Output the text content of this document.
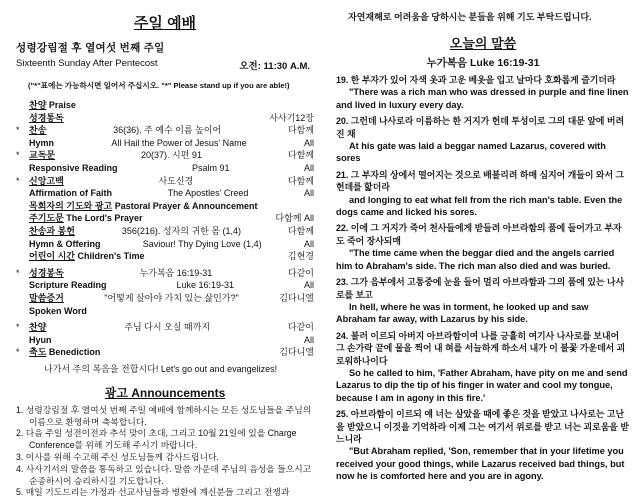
주일 예배
성령강림절 후 열여섯 번째 주일
Sixteenth Sunday After Pentecost	오전: 11:30 A.M.
("*"표에는 가능하시면 일어서 주십시오. "*" Please stand up if you are able!)
찬양 Praise
성경통독	사사기12장
*	찬송	36(36). 주 예수 이름 높이어	다함께
Hymn	All Hail the Power of Jesus' Name	All
*	교독문	20(37). 시편 91	다함께
Responsive Reading	Psalm 91	All
*	신앙고백	사도신경	다함께
Affirmation of Faith	The Apostles' Creed	All
목회자의 기도와 광고 Pastoral Prayer & Announcement
주기도문 The Lord's Prayer	다함께 All
찬송과 봉헌	356(216). 성자의 귀한 몸 (1,4)	다함께
Hymn & Offering	Saviour! Thy Dying Love (1,4)	All
어린이 시간 Children's Time	김현경
*	성경봉독	누가복음 16:19-31	다같이
Scripture Reading	Luke 16:19-31	All
말씀증거	"어떻게 살아야 가치 있는 삶인가?"	김다니엘
Spoken Word
*	찬양	주님 다시 오실 때까지	다같이
Hyun	All
*	축도 Benediction	김다니엘
나가서 주의 복음을 전합시다! Let's go out and evangelizes!
광고 Announcements
1. 성령강림절 후 열여섯 번째 주일 예배에 함께하시는 모든 성도님들을 주님의 이름으로 환영하며 축복합니다.
2. 다음 주일 성전이전과 추석 맞이 초대, 그리고 10월 21일에 있을 Charge Conference를 위해 기도해 주시기 바랍니다.
3. 이사를 위해 수고해 주신 성도님들께 감사드립니다.
4. 사사기서의 말씀을 통독하고 있습니다. 말씀 가운데 주님의 음성을 들으시고 순종하시어 승리하시길 기도합니다.
5. 매일 기도드리는 가정과 선교사님들과 병환에 계신분들 그리고 전쟁과
자연재해로 어려움을 당하시는 분들을 위해 기도 부탁드립니다.
오늘의 말씀
누가복음 Luke 16:19-31
19. 한 부자가 있어 자색 옷과 고운 베옷을 입고 날마다 호화롭게 즐기더라
"There was a rich man who was dressed in purple and fine linen and lived in luxury every day.
20. 그런데 나사로라 이름하는 한 거지가 헌데 투성이로 그의 대문 앞에 버려진 채
At his gate was laid a beggar named Lazarus, covered with sores
21. 그 부자의 상에서 떨어지는 것으로 배불리려 하매 심지어 개들이 와서 그 헌데를 핥더라
and longing to eat what fell from the rich man's table. Even the dogs came and licked his sores.
22. 이에 그 거지가 죽어 천사들에게 받들려 아브라함의 품에 들어가고 부자도 죽어 장사되매
"The time came when the beggar died and the angels carried him to Abraham's side. The rich man also died and was buried.
23. 그가 음부에서 고통중에 눈을 들어 멀리 아브라함과 그의 품에 있는 나사로를 보고
In hell, where he was in torment, he looked up and saw Abraham far away, with Lazarus by his side.
24. 불러 이르되 아버지 아브라함이여 나를 긍휼히 여기사 나사로를 보내어 그 손가락 끝에 물을 찍어 내 혀를 서늘하게 하소서 내가 이 불꽃 가운데서 괴로워하나이다
So he called to him, 'Father Abraham, have pity on me and send Lazarus to dip the tip of his finger in water and cool my tongue, because I am in agony in this fire.'
25. 아브라함이 이르되 얘 너는 살았을 때에 좋은 것을 받았고 나사로는 고난을 받았으니 이것을 기억하라 이제 그는 여기서 위로를 받고 너는 괴로움을 받느니라
"But Abraham replied, 'Son, remember that in your lifetime you received your good things, while Lazarus received bad things, but now he is comforted here and you are in agony.
